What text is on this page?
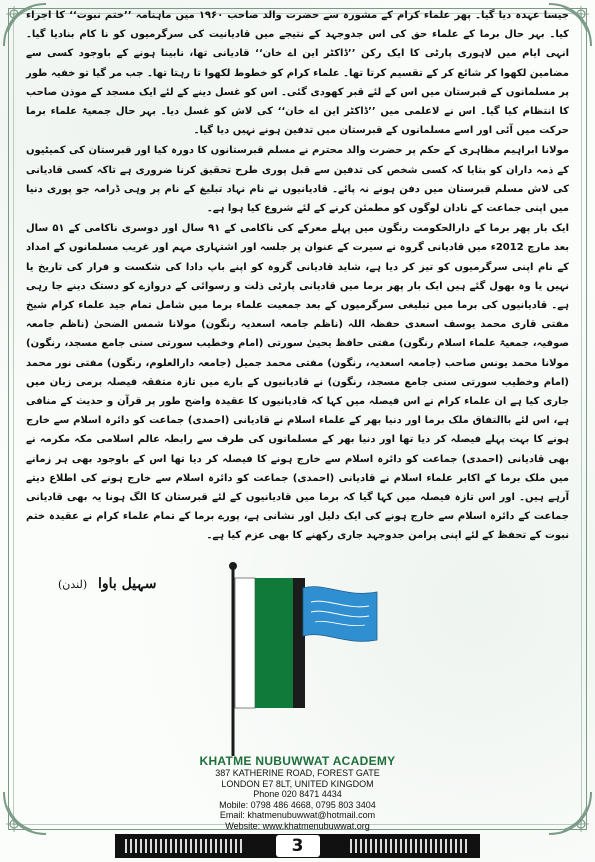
جیسا عہدہ دیا گیا۔ پھر علماء کرام کے مشورہ سے حضرت والد صاحب ۱۹۶۰ میں ماہنامہ ’’ختم نبوت‘‘ کا اجراء کیا۔ بہر حال برما کے علماء حق کی اس جدوجہد کے نتیجے میں قادیانیت کی سرگرمیوں کو نا کام بنادیا گیا۔ انہی ایام میں لاہوری پارٹی کا ایک رکن ’’ڈاکٹر این اے خان‘‘ قادیانی تھا، نابینا ہونے کے باوجود کسی سے مضامین لکھوا کر شائع کر کے تقسیم کرتا تھا۔ علماء کرام کو خطوط لکھوا تا رہتا تھا۔ جب مر گیا تو خفیہ طور پر مسلمانوں کے قبرستان میں اس کے لئے قبر کھودی گئی۔ اس کو غسل دینے کے لئے ایک مسجد کے موذن صاحب کا انتظام کیا گیا۔ اس نے لاعلمی میں ’’ڈاکٹر این اے خان‘‘ کی لاش کو غسل دیا۔ بہر حال جمعیۃ علماء برما حرکت میں آئی اور اسے مسلمانوں کے قبرستان میں تدفین ہونے نہیں دیا گیا۔

مولانا ابراہیم مظاہری کے حکم پر حضرت والد محترم نے مسلم قبرستانوں کا دورہ کیا اور قبرستان کی کمیٹیوں کے ذمہ داران کو بتایا کہ کسی شخص کی تدفین سے قبل پوری طرح تحقیق کرنا ضروری ہے تاکہ کسی قادیانی کی لاش مسلم قبرستان میں دفن ہونے نہ پائے۔ قادیانیوں نے نام نہاد تبلیغ کے نام پر وہی ڈرامہ جو پوری دنیا میں اپنی جماعت کے نادان لوگوں کو مطمئن کرنے کے لئے شروع کیا ہوا ہے۔

ایک بار پھر برما کے دارالحکومت رنگون میں پہلے معرکے کی ناکامی کے ۹۱ سال اور دوسری ناکامی کے ۵۱ سال بعد مارچ 2012ء میں قادیانی گروہ نے سیرت کے عنوان پر جلسہ اور اشتہاری مہم اور غریب مسلمانوں کے امداد کے نام اپنی سرگرمیوں کو تیز کر دیا ہے، شاید قادیانی گروہ کو اپنے باپ دادا کی شکست و فرار کی تاریخ یا نہیں یا وہ بھول گئے ہیں ایک بار پھر برما میں قادیانی پارٹی ذلت و رسوائی کے دروازے کو دستک دینے جا رہی ہے۔ قادیانیوں کی برما میں تبلیغی سرگرمیوں کے بعد جمعیت علماء برما میں شامل تمام جید علماء کرام شیخ مفتی قاری محمد یوسف اسعدی حفظہ اللہ (ناظم جامعہ اسعدیہ رنگون) مولانا شمس الضحیٰ (ناظم جامعہ صوفیہ، جمعیۃ علماء اسلام رنگون) مفتی حافظ یحییٰ سورتی (امام وخطیب سورتی سنی جامع مسجد، رنگون) مولانا محمد یونس صاحب (جامعہ اسعدیہ، رنگون) مفتی محمد جمیل (جامعہ دارالعلوم، رنگون) مفتی نور محمد (امام وخطیب سورتی سنی جامع مسجد، رنگون) نے قادیانیوں کے بارے میں تازہ متفقہ فیصلہ برمی زبان میں جاری کیا ہے ان علماء کرام نے اس فیصلہ میں کہا کہ قادیانیوں کا عقیدہ واضح طور پر قرآن و حدیث کے منافی ہے، اس لئے باالتفاق ملک برما اور دنیا بھر کے علماء اسلام نے قادیانی (احمدی) جماعت کو دائرہ اسلام سے خارج ہونے کا بہت پہلے فیصلہ کر دیا تھا اور دنیا بھر کے مسلمانوں کی طرف سے رابطہ عالم اسلامی مکہ مکرمہ نے بھی قادیانی (احمدی) جماعت کو دائرہ اسلام سے خارج ہونے کا فیصلہ کر دیا تھا اس کے باوجود بھی ہر زمانے میں ملک برما کے اکابر علماء اسلام نے قادیانی (احمدی) جماعت کو دائرہ اسلام سے خارج ہونے کی اطلاع دیتے آرہے ہیں۔ اور اس تازہ فیصلہ میں کہا گیا کہ برما میں قادیانیوں کے لئے قبرستان کا الگ ہونا یہ بھی قادیانی جماعت کے دائرہ اسلام سے خارج ہونے کی ایک دلیل اور نشانی ہے، پورے برما کے تمام علماء کرام نے عقیدہ ختم نبوت کے تحفظ کے لئے اپنی پرامن جدوجہد جاری رکھنے کا بھی عزم کیا ہے۔

سہیل باوا (لندن)
KHATME NUBUWWAT ACADEMY
387 KATHERINE ROAD, FOREST GATE
LONDON E7 8LT, UNITED KINGDOM
Phone 020 8471 4434
Mobile: 0798 486 4668, 0795 803 3404
Email: khatmenubuwwat@hotmail.com
Website: www.khatmenubuwwat.org
3
